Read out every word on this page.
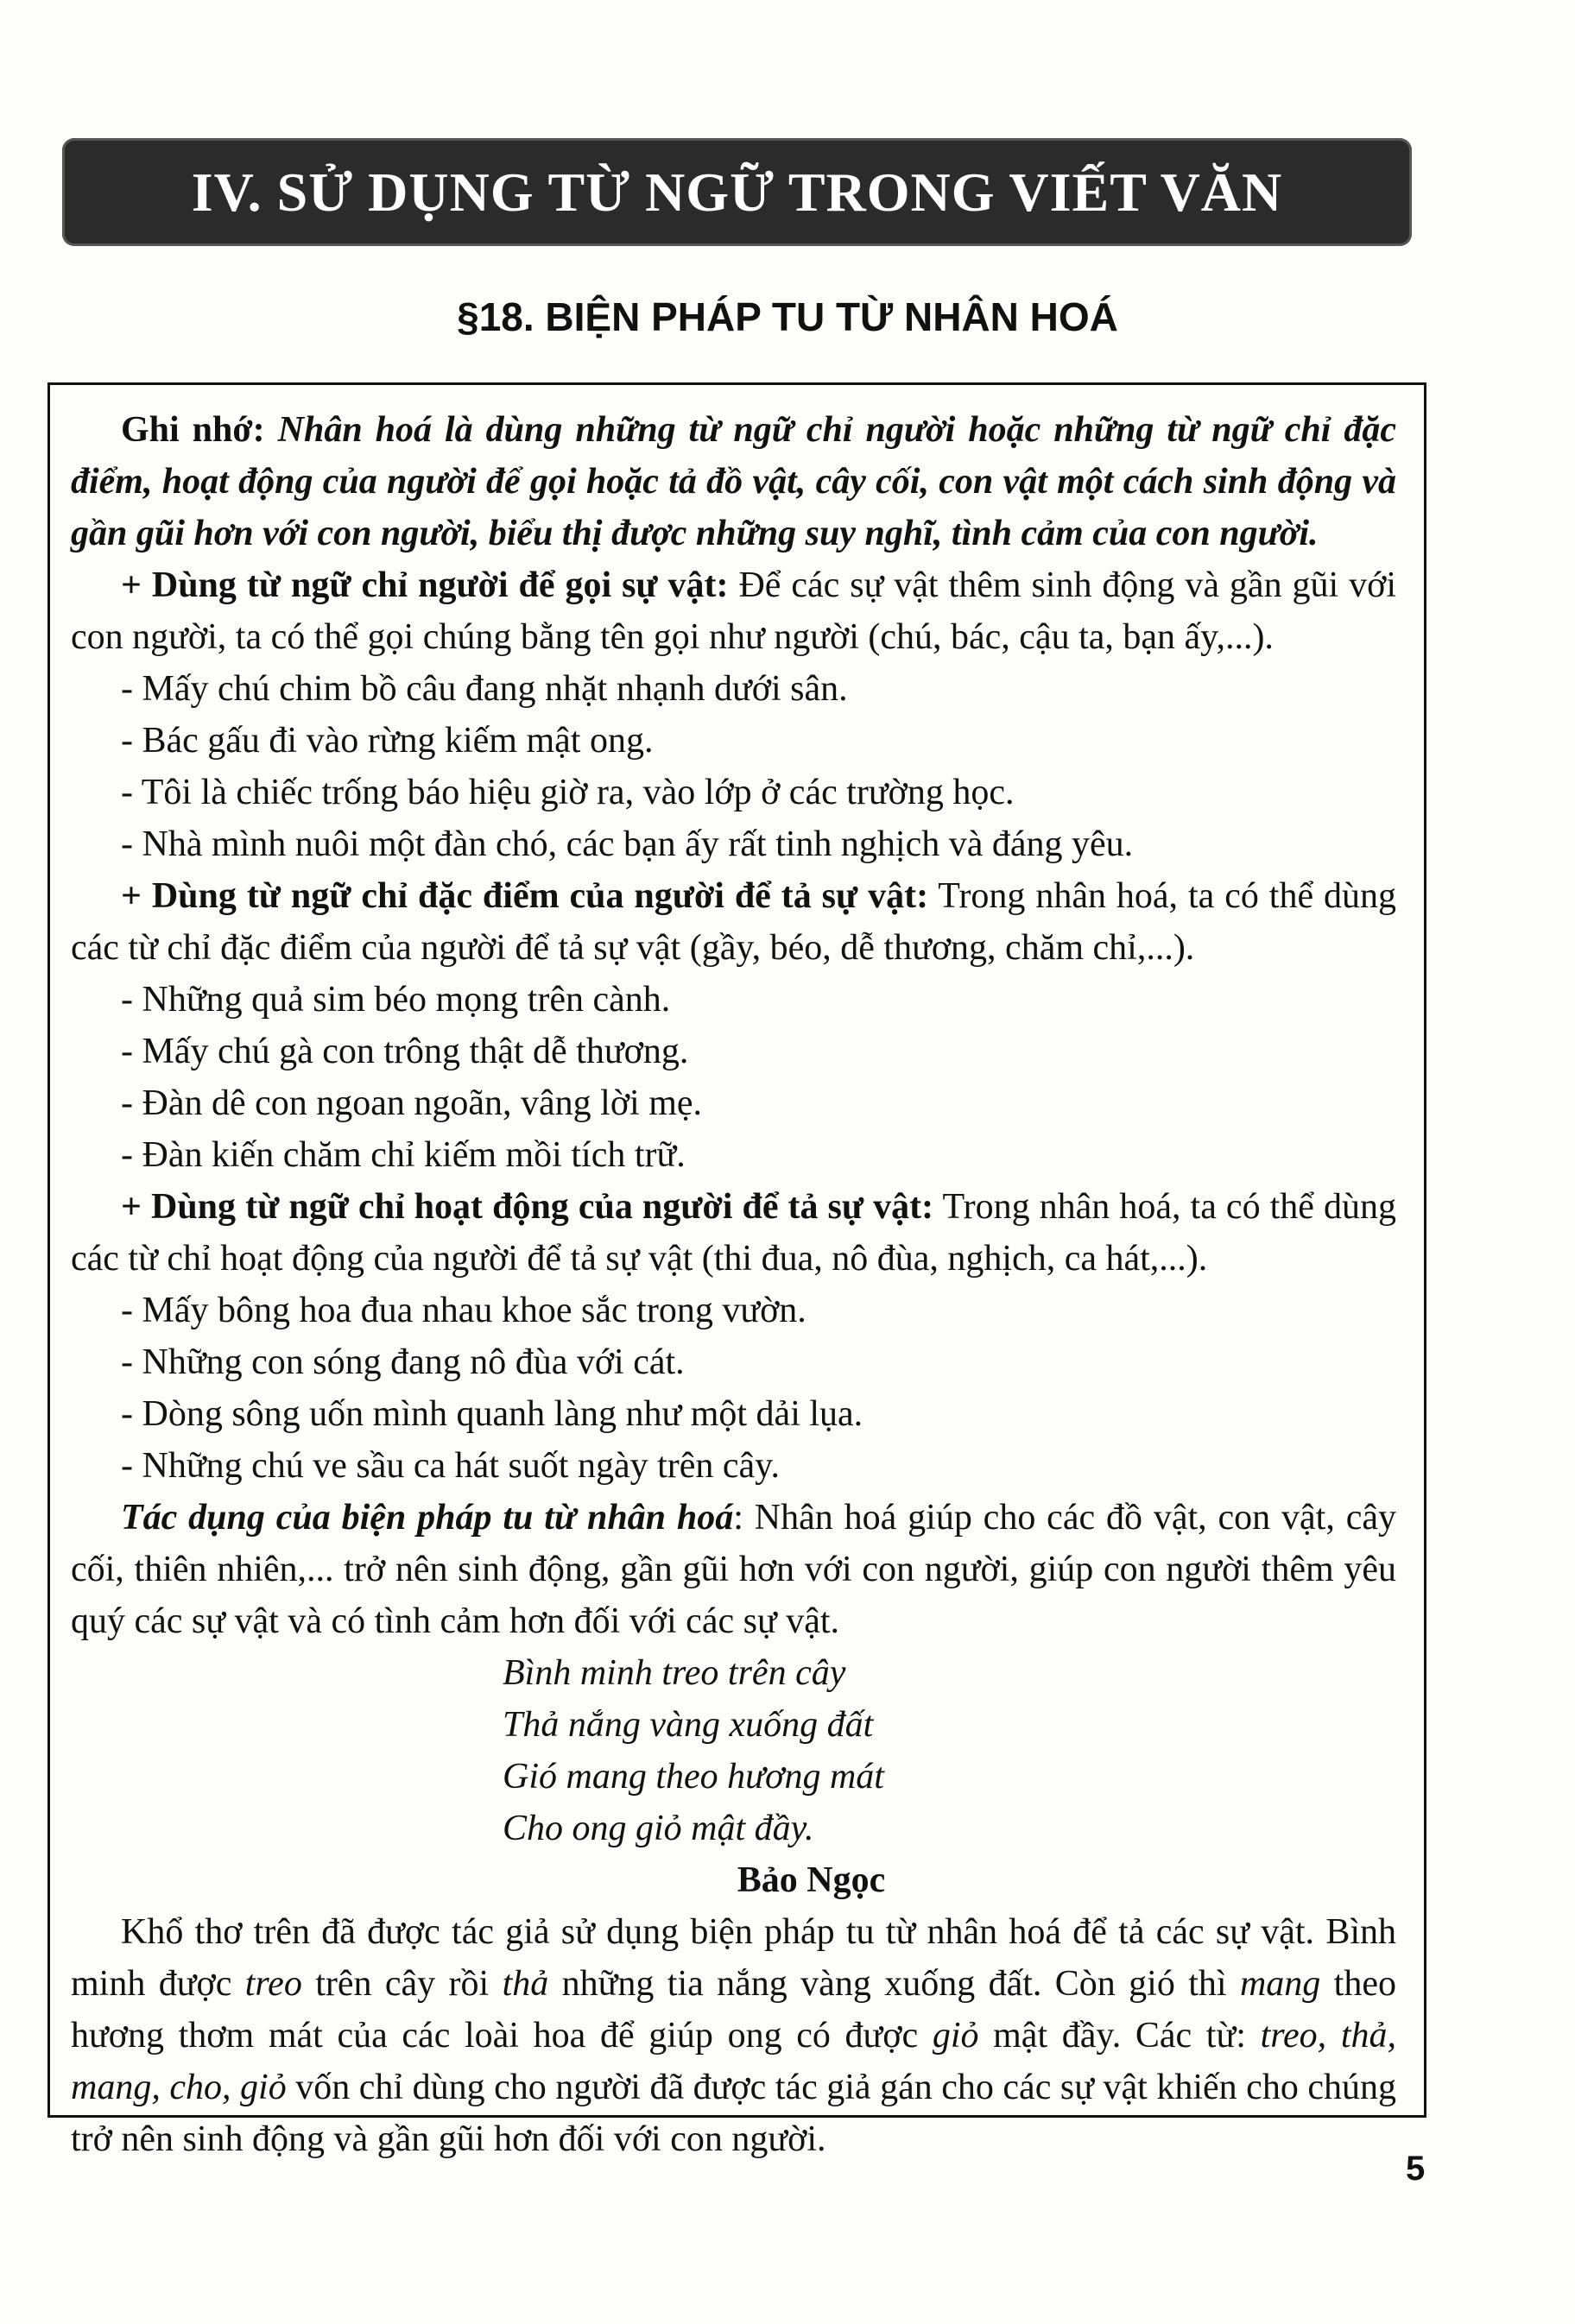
IV. SỬ DỤNG TỪ NGỮ TRONG VIẾT VĂN
§18. BIỆN PHÁP TU TỪ NHÂN HOÁ

Ghi nhớ: Nhân hoá là dùng những từ ngữ chỉ người hoặc những từ ngữ chỉ đặc điểm, hoạt động của người để gọi hoặc tả đồ vật, cây cối, con vật một cách sinh động và gần gũi hơn với con người, biểu thị được những suy nghĩ, tình cảm của con người.

+ Dùng từ ngữ chỉ người để gọi sự vật: Để các sự vật thêm sinh động và gần gũi với con người, ta có thể gọi chúng bằng tên gọi như người (chú, bác, cậu ta, bạn ấy,...).

- Mấy chú chim bồ câu đang nhặt nhạnh dưới sân.

- Bác gấu đi vào rừng kiếm mật ong.

- Tôi là chiếc trống báo hiệu giờ ra, vào lớp ở các trường học.

- Nhà mình nuôi một đàn chó, các bạn ấy rất tinh nghịch và đáng yêu.

+ Dùng từ ngữ chỉ đặc điểm của người để tả sự vật: Trong nhân hoá, ta có thể dùng các từ chỉ đặc điểm của người để tả sự vật (gầy, béo, dễ thương, chăm chỉ,...).

- Những quả sim béo mọng trên cành.

- Mấy chú gà con trông thật dễ thương.

- Đàn dê con ngoan ngoãn, vâng lời mẹ.

- Đàn kiến chăm chỉ kiếm mồi tích trữ.

+ Dùng từ ngữ chỉ hoạt động của người để tả sự vật: Trong nhân hoá, ta có thể dùng các từ chỉ hoạt động của người để tả sự vật (thi đua, nô đùa, nghịch, ca hát,...).

- Mấy bông hoa đua nhau khoe sắc trong vườn.

- Những con sóng đang nô đùa với cát.

- Dòng sông uốn mình quanh làng như một dải lụa.

- Những chú ve sầu ca hát suốt ngày trên cây.

Tác dụng của biện pháp tu từ nhân hoá: Nhân hoá giúp cho các đồ vật, con vật, cây cối, thiên nhiên,... trở nên sinh động, gần gũi hơn với con người, giúp con người thêm yêu quý các sự vật và có tình cảm hơn đối với các sự vật.

Bình minh treo trên cây

Thả nắng vàng xuống đất

Gió mang theo hương mát

Cho ong giỏ mật đầy.

Bảo Ngọc

Khổ thơ trên đã được tác giả sử dụng biện pháp tu từ nhân hoá để tả các sự vật. Bình minh được treo trên cây rồi thả những tia nắng vàng xuống đất. Còn gió thì mang theo hương thơm mát của các loài hoa để giúp ong có được giỏ mật đầy. Các từ: treo, thả, mang, cho, giỏ vốn chỉ dùng cho người đã được tác giả gán cho các sự vật khiến cho chúng trở nên sinh động và gần gũi hơn đối với con người.

5
